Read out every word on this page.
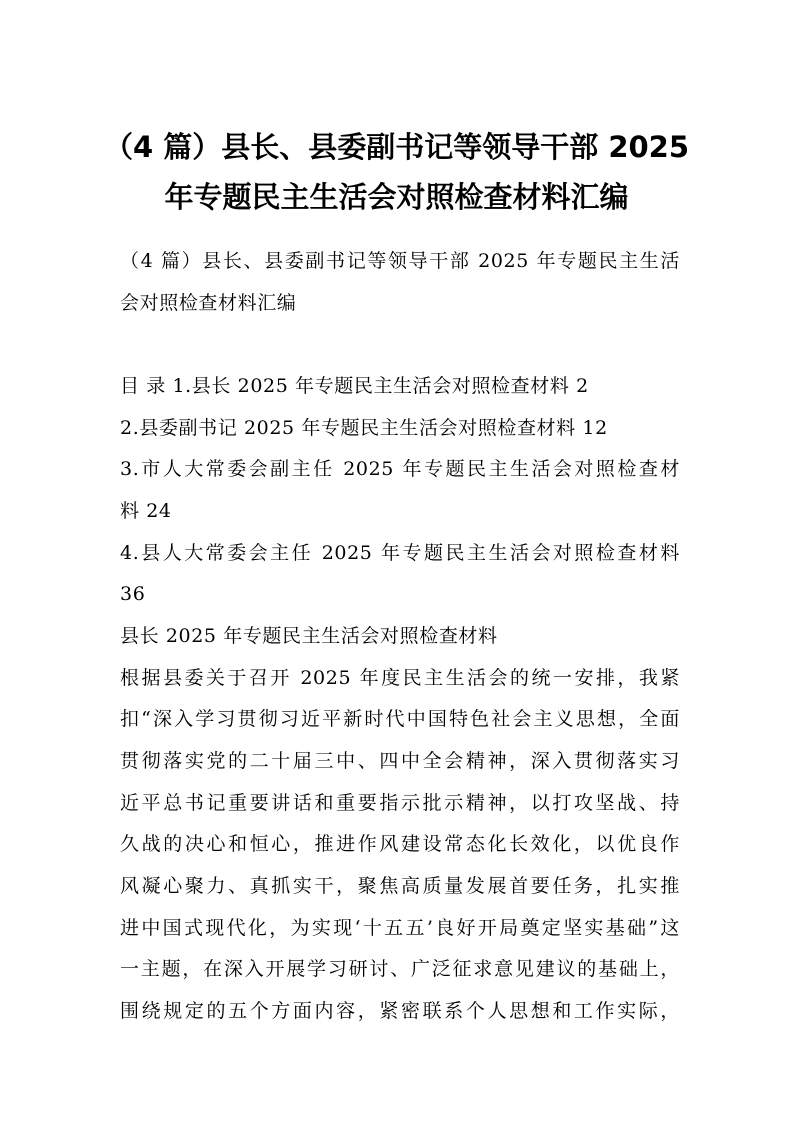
（4 篇）县长、县委副书记等领导干部 2025
年专题民主生活会对照检查材料汇编

（4 篇）县长、县委副书记等领导干部 2025 年专题民主生活

会对照检查材料汇编

目 录 1.县长 2025 年专题民主生活会对照检查材料 2

2.县委副书记 2025 年专题民主生活会对照检查材料 12

3.市人大常委会副主任 2025 年专题民主生活会对照检查材

料 24

4.县人大常委会主任 2025 年专题民主生活会对照检查材料

36

县长 2025 年专题民主生活会对照检查材料

根据县委关于召开 2025 年度民主生活会的统一安排，我紧

扣“深入学习贯彻习近平新时代中国特色社会主义思想，全面

贯彻落实党的二十届三中、四中全会精神，深入贯彻落实习

近平总书记重要讲话和重要指示批示精神，以打攻坚战、持

久战的决心和恒心，推进作风建设常态化长效化，以优良作

风凝心聚力、真抓实干，聚焦高质量发展首要任务，扎实推

进中国式现代化，为实现‘十五五’良好开局奠定坚实基础”这

一主题，在深入开展学习研讨、广泛征求意见建议的基础上，

围绕规定的五个方面内容，紧密联系个人思想和工作实际，
